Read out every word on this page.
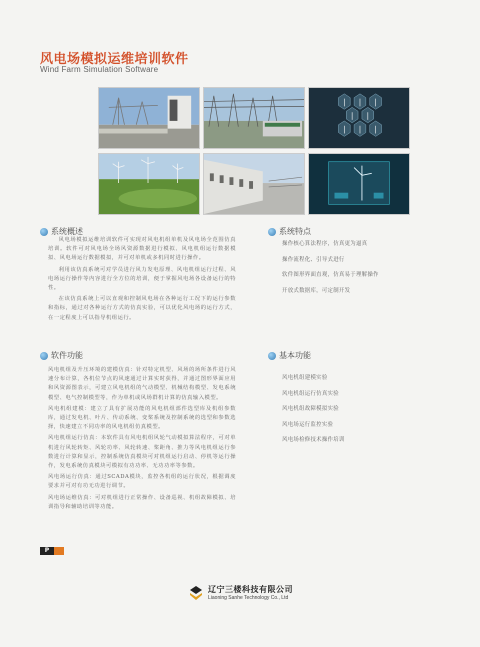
风电场模拟运维培训软件
Wind Farm Simulation Software
系统概述

风电场模拟运维培训软件可实现对风电机组单机及风电场全范围仿真培训。软件可对风电场全场风资源数据进行模拟、风电机组运行数据模拟、风电场运行数据模拟，并可对单机或多机同时进行操作。

利用该仿真系统可对学员进行风力发电原理、风电机组运行过程、风电场运行操作等内容进行全方位的培训，便于掌握风电场各设备运行的特性。

在该仿真系统上可以直观和控制风电场在各种运行工况下的运行参数和指标，通过对各种运行方式的仿真实验，可以优化风电场的运行方式，在一定程度上可以指导机组运行。

系统特点
操作核心算法程序，仿真更为逼真
操作流程化、引导式进行
软件图形界面直观，仿真易于理解操作
开放式数据库，可定制开发
软件功能

风电机组及升压环境的建模仿真：针对特定机型、风场的场所条件进行风速分布计算，各机位节点的风速通过计算实时获得，并通过图形界面应用和风资源图表示，可建立风电机组的气动模型、机械结构模型、发电系统模型、电气控制模型等，作为单机或风场群机计算的仿真输入模型。

风电机组建模：建立了具有扩展功能的风电机组部件选型库及机组参数库，通过发电机、叶片、传动系统、变桨系统及控制系统的选型和参数选择，快速建立不同功率的风电机组仿真模型。

风电机组运行仿真：本软件具有风电机组风轮气动模拟算法程序，可对单机进行风轮转矩、风轮功率、风轮转速、桨距角、推力等风电机组运行参数进行计算和显示，控制系统仿真模块可对机组运行启动、停机等运行操作，发电系统仿真模块可模拟有功功率、无功功率等参数。

风电场运行仿真：通过SCADA模块，监控各机组的运行状况，根据调度要求并可对有功无功进行调节。

风电场运维仿真：可对机组进行正常操作、设备巡视、机组故障模拟、培训指导和辅助培训等功能。

基本功能
风电机组建模实验
风电机组运行仿真实验
风电机组故障模拟实验
风电场运行监控实验
风电场检修技术操作培训
P
辽宁三楼科技有限公司
Liaoning Sanhe Technology Co., Ltd
